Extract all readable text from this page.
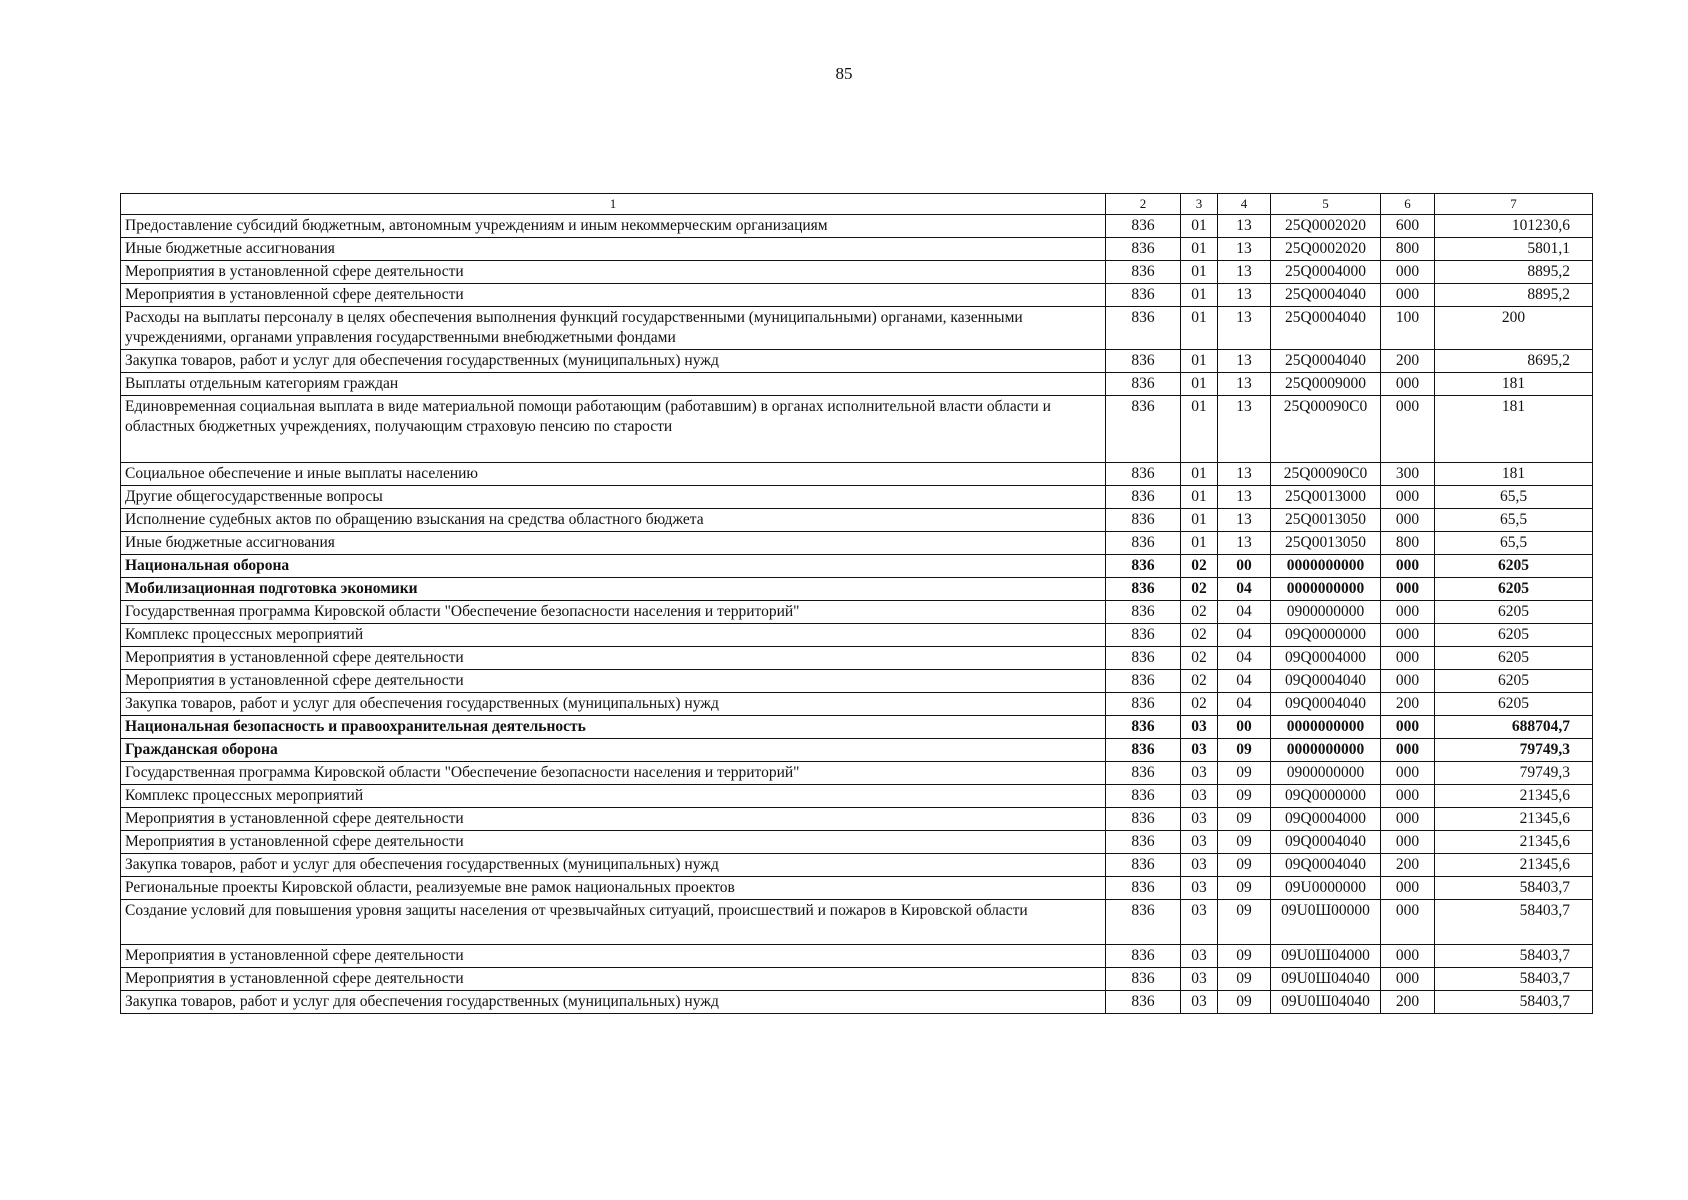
85
1	2	3	4	5	6	7
Предоставление субсидий бюджетным, автономным учреждениям и иным некоммерческим организациям	836	01	13	25Q0002020	600	101230,6
Иные бюджетные ассигнования	836	01	13	25Q0002020	800	5801,1
Мероприятия в установленной сфере деятельности	836	01	13	25Q0004000	000	8895,2
Мероприятия в установленной сфере деятельности	836	01	13	25Q0004040	000	8895,2
Расходы на выплаты персоналу в целях обеспечения выполнения функций государственными (муниципальными) органами, казенными учреждениями, органами управления государственными внебюджетными фондами	836	01	13	25Q0004040	100	200
Закупка товаров, работ и услуг для обеспечения государственных (муниципальных) нужд	836	01	13	25Q0004040	200	8695,2
Выплаты отдельным категориям граждан	836	01	13	25Q0009000	000	181
Единовременная социальная выплата в виде материальной помощи работающим (работавшим) в органах исполнительной власти области и областных бюджетных учреждениях, получающим страховую пенсию по старости	836	01	13	25Q00090C0	000	181
Социальное обеспечение и иные выплаты населению	836	01	13	25Q00090C0	300	181
Другие общегосударственные вопросы	836	01	13	25Q0013000	000	65,5
Исполнение судебных актов по обращению взыскания на средства областного бюджета	836	01	13	25Q0013050	000	65,5
Иные бюджетные ассигнования	836	01	13	25Q0013050	800	65,5
Национальная оборона	836	02	00	0000000000	000	6205
Мобилизационная подготовка экономики	836	02	04	0000000000	000	6205
Государственная программа Кировской области "Обеспечение безопасности населения и территорий"	836	02	04	0900000000	000	6205
Комплекс процессных мероприятий	836	02	04	09Q0000000	000	6205
Мероприятия в установленной сфере деятельности	836	02	04	09Q0004000	000	6205
Мероприятия в установленной сфере деятельности	836	02	04	09Q0004040	000	6205
Закупка товаров, работ и услуг для обеспечения государственных (муниципальных) нужд	836	02	04	09Q0004040	200	6205
Национальная безопасность и правоохранительная деятельность	836	03	00	0000000000	000	688704,7
Гражданская оборона	836	03	09	0000000000	000	79749,3
Государственная программа Кировской области "Обеспечение безопасности населения и территорий"	836	03	09	0900000000	000	79749,3
Комплекс процессных мероприятий	836	03	09	09Q0000000	000	21345,6
Мероприятия в установленной сфере деятельности	836	03	09	09Q0004000	000	21345,6
Мероприятия в установленной сфере деятельности	836	03	09	09Q0004040	000	21345,6
Закупка товаров, работ и услуг для обеспечения государственных (муниципальных) нужд	836	03	09	09Q0004040	200	21345,6
Региональные проекты Кировской области, реализуемые вне рамок национальных проектов	836	03	09	09U0000000	000	58403,7
Создание условий для повышения уровня защиты населения от чрезвычайных ситуаций, происшествий и пожаров в Кировской области	836	03	09	09U0Ш00000	000	58403,7
Мероприятия в установленной сфере деятельности	836	03	09	09U0Ш04000	000	58403,7
Мероприятия в установленной сфере деятельности	836	03	09	09U0Ш04040	000	58403,7
Закупка товаров, работ и услуг для обеспечения государственных (муниципальных) нужд	836	03	09	09U0Ш04040	200	58403,7
